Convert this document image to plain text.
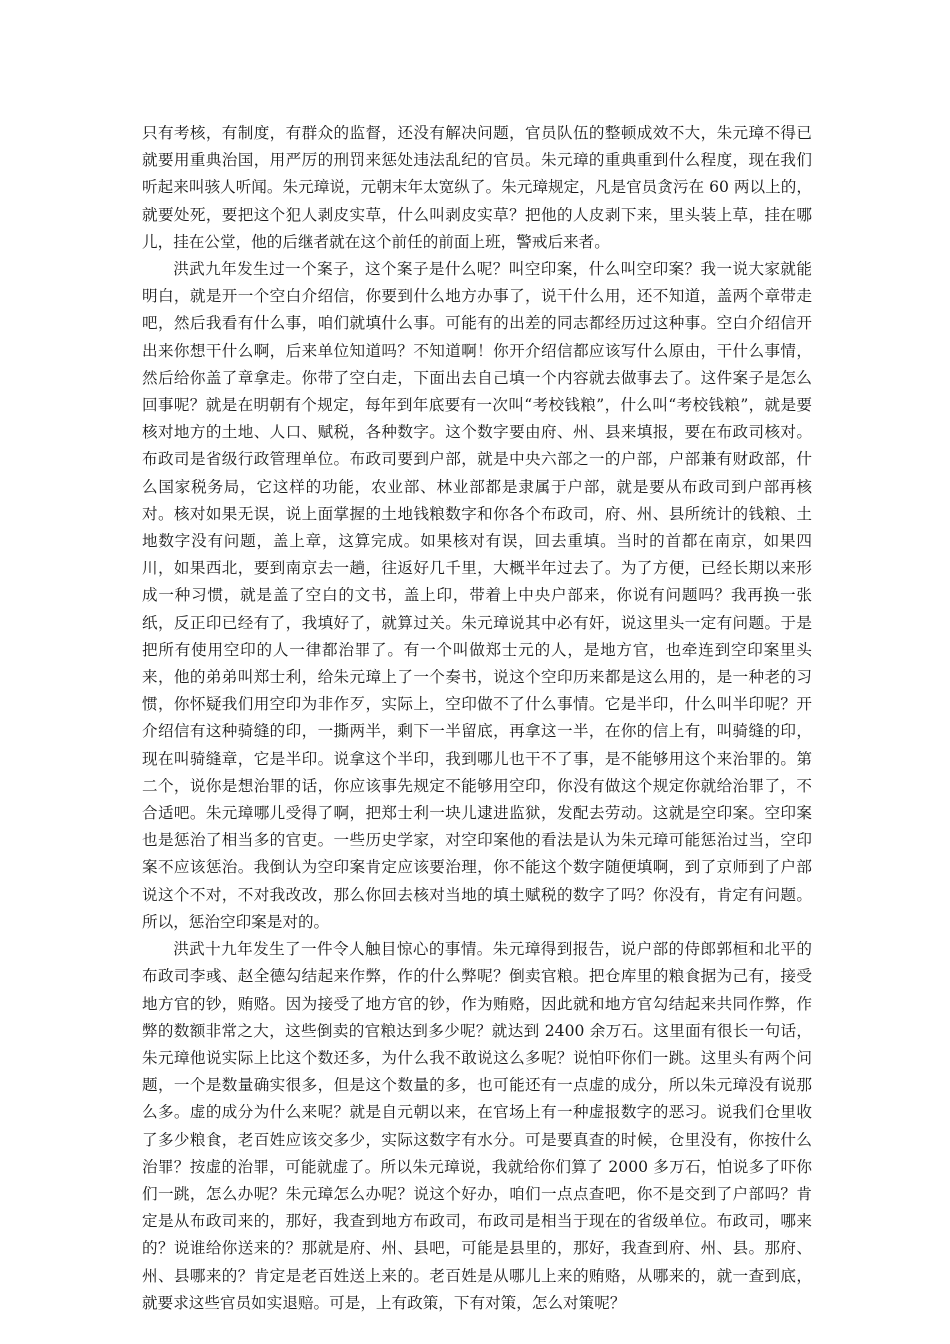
只有考核，有制度，有群众的监督，还没有解决问题，官员队伍的整顿成效不大，朱元璋不得已就要用重典治国，用严厉的刑罚来惩处违法乱纪的官员。朱元璋的重典重到什么程度，现在我们听起来叫骇人听闻。朱元璋说，元朝末年太宽纵了。朱元璋规定，凡是官员贪污在 60 两以上的，就要处死，要把这个犯人剥皮实草，什么叫剥皮实草？把他的人皮剥下来，里头装上草，挂在哪儿，挂在公堂，他的后继者就在这个前任的前面上班，警戒后来者。

洪武九年发生过一个案子，这个案子是什么呢？叫空印案，什么叫空印案？我一说大家就能明白，就是开一个空白介绍信，你要到什么地方办事了，说干什么用，还不知道，盖两个章带走吧，然后我看有什么事，咱们就填什么事。可能有的出差的同志都经历过这种事。空白介绍信开出来你想干什么啊，后来单位知道吗？不知道啊！你开介绍信都应该写什么原由，干什么事情，然后给你盖了章拿走。你带了空白走，下面出去自己填一个内容就去做事去了。这件案子是怎么回事呢？就是在明朝有个规定，每年到年底要有一次叫“考校钱粮”，什么叫“考校钱粮”，就是要核对地方的土地、人口、赋税，各种数字。这个数字要由府、州、县来填报，要在布政司核对。布政司是省级行政管理单位。布政司要到户部，就是中央六部之一的户部，户部兼有财政部，什么国家税务局，它这样的功能，农业部、林业部都是隶属于户部，就是要从布政司到户部再核对。核对如果无误，说上面掌握的土地钱粮数字和你各个布政司，府、州、县所统计的钱粮、土地数字没有问题，盖上章，这算完成。如果核对有误，回去重填。当时的首都在南京，如果四川，如果西北，要到南京去一趟，往返好几千里，大概半年过去了。为了方便，已经长期以来形成一种习惯，就是盖了空白的文书，盖上印，带着上中央户部来，你说有问题吗？我再换一张纸，反正印已经有了，我填好了，就算过关。朱元璋说其中必有奸，说这里头一定有问题。于是把所有使用空印的人一律都治罪了。有一个叫做郑士元的人，是地方官，也牵连到空印案里头来，他的弟弟叫郑士利，给朱元璋上了一个奏书，说这个空印历来都是这么用的，是一种老的习惯，你怀疑我们用空印为非作歹，实际上，空印做不了什么事情。它是半印，什么叫半印呢？开介绍信有这种骑缝的印，一撕两半，剩下一半留底，再拿这一半，在你的信上有，叫骑缝的印，现在叫骑缝章，它是半印。说拿这个半印，我到哪儿也干不了事，是不能够用这个来治罪的。第二个，说你是想治罪的话，你应该事先规定不能够用空印，你没有做这个规定你就给治罪了，不合适吧。朱元璋哪儿受得了啊，把郑士利一块儿逮进监狱，发配去劳动。这就是空印案。空印案也是惩治了相当多的官吏。一些历史学家，对空印案他的看法是认为朱元璋可能惩治过当，空印案不应该惩治。我倒认为空印案肯定应该要治理，你不能这个数字随便填啊，到了京师到了户部说这个不对，不对我改改，那么你回去核对当地的填土赋税的数字了吗？你没有，肯定有问题。所以，惩治空印案是对的。

洪武十九年发生了一件令人触目惊心的事情。朱元璋得到报告，说户部的侍郎郭桓和北平的布政司李彧、赵全德勾结起来作弊，作的什么弊呢？倒卖官粮。把仓库里的粮食据为己有，接受地方官的钞，贿赂。因为接受了地方官的钞，作为贿赂，因此就和地方官勾结起来共同作弊，作弊的数额非常之大，这些倒卖的官粮达到多少呢？就达到 2400 余万石。这里面有很长一句话，朱元璋他说实际上比这个数还多，为什么我不敢说这么多呢？说怕吓你们一跳。这里头有两个问题，一个是数量确实很多，但是这个数量的多，也可能还有一点虚的成分，所以朱元璋没有说那么多。虚的成分为什么来呢？就是自元朝以来，在官场上有一种虚报数字的恶习。说我们仓里收了多少粮食，老百姓应该交多少，实际这数字有水分。可是要真查的时候，仓里没有，你按什么治罪？按虚的治罪，可能就虚了。所以朱元璋说，我就给你们算了 2000 多万石，怕说多了吓你们一跳，怎么办呢？朱元璋怎么办呢？说这个好办，咱们一点点查吧，你不是交到了户部吗？肯定是从布政司来的，那好，我查到地方布政司，布政司是相当于现在的省级单位。布政司，哪来的？说谁给你送来的？那就是府、州、县吧，可能是县里的，那好，我查到府、州、县。那府、州、县哪来的？肯定是老百姓送上来的。老百姓是从哪儿上来的贿赂，从哪来的，就一查到底，就要求这些官员如实退赔。可是，上有政策，下有对策，怎么对策呢？
